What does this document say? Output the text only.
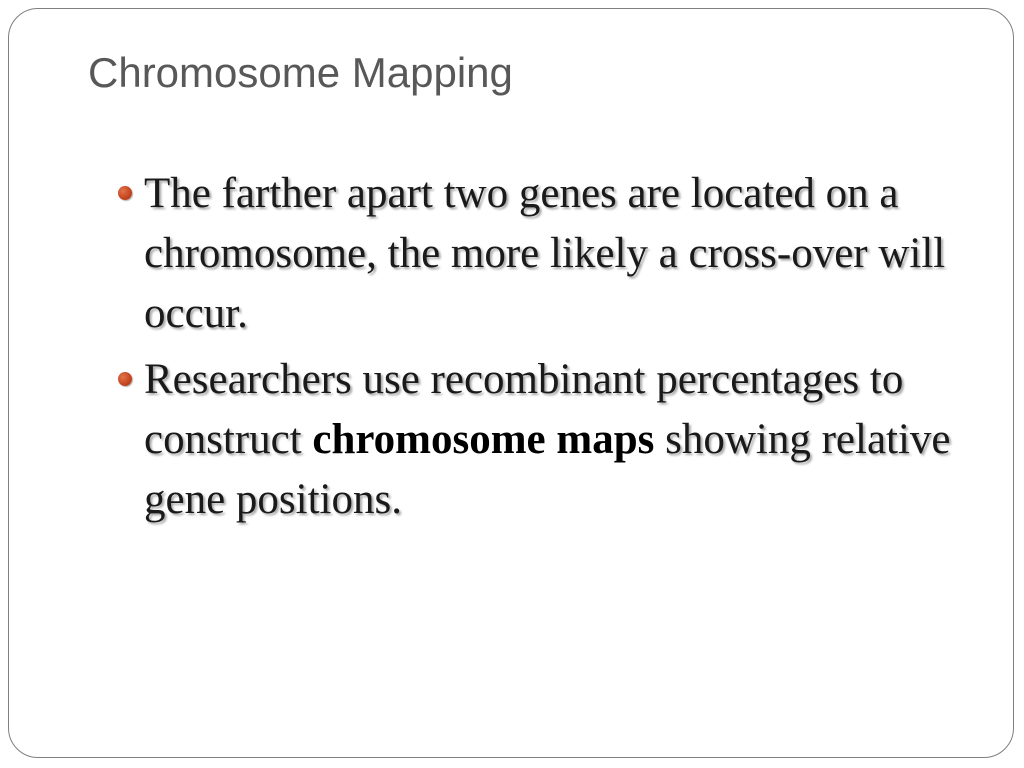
Chromosome Mapping
The farther apart two genes are located on a chromosome, the more likely a cross-over will occur.
Researchers use recombinant percentages to construct chromosome maps showing relative gene positions.
